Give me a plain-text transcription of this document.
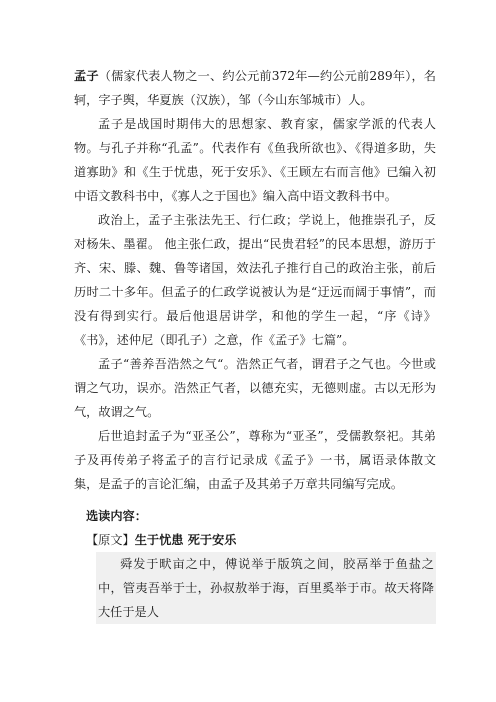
孟子（儒家代表人物之一、约公元前372年—约公元前289年），名轲，字子舆，华夏族（汉族），邹（今山东邹城市）人。

孟子是战国时期伟大的思想家、教育家，儒家学派的代表人物。与孔子并称“孔孟”。代表作有《鱼我所欲也》、《得道多助，失道寡助》和《生于忧患，死于安乐》、《王顾左右而言他》已编入初中语文教科书中，《寡人之于国也》编入高中语文教科书中。

政治上，孟子主张法先王、行仁政；学说上，他推崇孔子，反对杨朱、墨翟。 他主张仁政，提出“民贵君轻”的民本思想，游历于齐、宋、滕、魏、鲁等诸国，效法孔子推行自己的政治主张，前后历时二十多年。但孟子的仁政学说被认为是“迂远而阔于事情”，而没有得到实行。最后他退居讲学，和他的学生一起，“序《诗》《书》，述仲尼（即孔子）之意，作《孟子》七篇”。

孟子“善养吾浩然之气“。浩然正气者，谓君子之气也。今世或谓之气功，误亦。浩然正气者，以德充实，无德则虚。古以无形为气，故谓之气。

后世追封孟子为“亚圣公”，尊称为“亚圣”，受儒教祭祀。其弟子及再传弟子将孟子的言行记录成《孟子》一书，属语录体散文集，是孟子的言论汇编，由孟子及其弟子万章共同编写完成。

选读内容：

【原文】生于忧患 死于安乐

舜发于畎亩之中，傅说举于版筑之间，胶鬲举于鱼盐之中，管夷吾举于士，孙叔敖举于海，百里奚举于市。故天将降大任于是人
